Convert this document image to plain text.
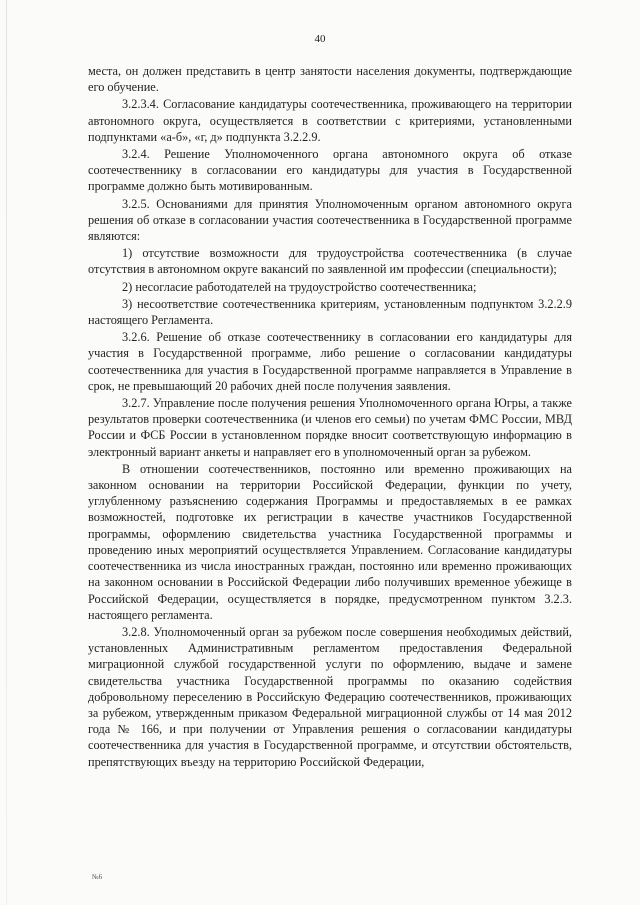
40

места, он должен представить в центр занятости населения документы, подтверждающие его обучение.

3.2.3.4. Согласование кандидатуры соотечественника, проживающего на территории автономного округа, осуществляется в соответствии с критериями, установленными подпунктами «а-б», «г, д» подпункта 3.2.2.9.

3.2.4. Решение Уполномоченного органа автономного округа об отказе соотечественнику в согласовании его кандидатуры для участия в Государственной программе должно быть мотивированным.

3.2.5. Основаниями для принятия Уполномоченным органом автономного округа решения об отказе в согласовании участия соотечественника в Государственной программе являются:

1) отсутствие возможности для трудоустройства соотечественника (в случае отсутствия в автономном округе вакансий по заявленной им профессии (специальности);

2) несогласие работодателей на трудоустройство соотечественника;

3) несоответствие соотечественника критериям, установленным подпунктом 3.2.2.9 настоящего Регламента.

3.2.6. Решение об отказе соотечественнику в согласовании его кандидатуры для участия в Государственной программе, либо решение о согласовании кандидатуры соотечественника для участия в Государственной программе направляется в Управление в срок, не превышающий 20 рабочих дней после получения заявления.

3.2.7. Управление после получения решения Уполномоченного органа Югры, а также результатов проверки соотечественника (и членов его семьи) по учетам ФМС России, МВД России и ФСБ России в установленном порядке вносит соответствующую информацию в электронный вариант анкеты и направляет его в уполномоченный орган за рубежом.

В отношении соотечественников, постоянно или временно проживающих на законном основании на территории Российской Федерации, функции по учету, углубленному разъяснению содержания Программы и предоставляемых в ее рамках возможностей, подготовке их регистрации в качестве участников Государственной программы, оформлению свидетельства участника Государственной программы и проведению иных мероприятий осуществляется Управлением. Согласование кандидатуры соотечественника из числа иностранных граждан, постоянно или временно проживающих на законном основании в Российской Федерации либо получивших временное убежище в Российской Федерации, осуществляется в порядке, предусмотренном пунктом 3.2.3. настоящего регламента.

3.2.8. Уполномоченный орган за рубежом после совершения необходимых действий, установленных Административным регламентом предоставления Федеральной миграционной службой государственной услуги по оформлению, выдаче и замене свидетельства участника Государственной программы по оказанию содействия добровольному переселению в Российскую Федерацию соотечественников, проживающих за рубежом, утвержденным приказом Федеральной миграционной службы от 14 мая 2012 года № 166, и при получении от Управления решения о согласовании кандидатуры соотечественника для участия в Государственной программе, и отсутствии обстоятельств, препятствующих въезду на территорию Российской Федерации,

№6
